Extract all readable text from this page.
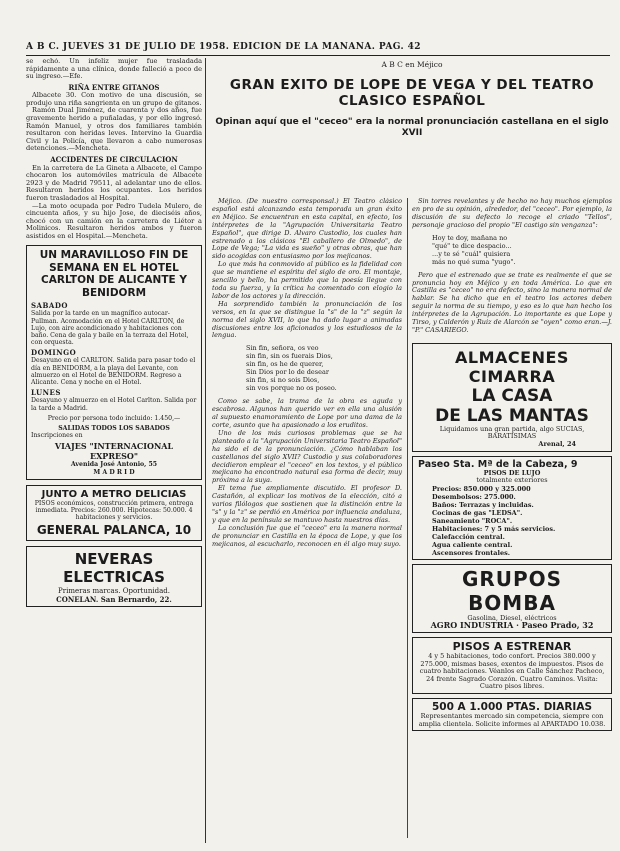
A B C. JUEVES 31 DE JULIO DE 1958. EDICION DE LA MAÑANA. PAG. 42

se echó. Un infeliz mujer fue trasladada rápidamente a una clínica, donde falleció a poco de su ingreso.—Efe.

RIÑA ENTRE GITANOS

Albacete 30. Con motivo de una discusión, se produjo una riña sangrienta en un grupo de gitanos.

Ramón Dual Jiménez, de cuarenta y dos años, fue gravemente herido a puñaladas, y por ello ingresó. Ramón Manuel, y otros dos familiares también resultaron con heridas leves. Intervino la Guardia Civil y la Policía, que llevaron a cabo numerosas detenciones.—Mencheta.

ACCIDENTES DE CIRCULACION

En la carretera de La Gineta a Albacete, el Campo chocaron los automóviles matrícula de Albacete 2923 y de Madrid 79511, al adelantar uno de ellos. Resultaron heridos los ocupantes. Los heridos fueron trasladados al Hospital.

—La moto ocupada por Pedro Tudela Mulero, de cincuenta años, y su hijo Jose, de dieciséis años, chocó con un camión en la carretera de Liétor a Molinicos. Resultaron heridos ambos y fueron asistidos en el Hospital.—Mencheta.

UN MARAVILLOSO FIN DE SEMANA EN EL HOTEL CARLTON DE ALICANTE Y BENIDORM
SABADO
Salida por la tarde en un magnífico autocar-Pullman. Acomodación en el Hotel CARLTON, de Lujo, con aire acondicionado y habitaciones con baño. Cena de gala y baile en la terraza del Hotel, con orquesta.
DOMINGO
Desayuno en el CARLTON. Salida para pasar todo el día en BENIDORM, a la playa del Levante, con almuerzo en el Hotel de BENIDORM. Regreso a Alicante. Cena y noche en el Hotel.
LUNES
Desayuno y almuerzo en el Hotel Carlton. Salida por la tarde a Madrid.
Precio por persona todo incluido: 1.450,—
SALIDAS TODOS LOS SABADOS
Inscripciones en
VIAJES "INTERNACIONAL EXPRESO"
Avenida José Antonio, 55
M A D R I D
JUNTO A METRO DELICIAS
PISOS económicos, construcción primera, entrega inmediata. Precios: 260.000. Hipotecas: 50.000. 4 habitaciones y servicios.
GENERAL PALANCA, 10
NEVERAS ELECTRICAS
Primeras marcas. Oportunidad.
CONELAN. San Bernardo, 22.
A B C en Méjico
GRAN EXITO DE LOPE DE VEGA Y DEL TEATRO CLASICO ESPAÑOL
Opinan aquí que el "ceceo" era la normal pronunciación castellana en el siglo XVII

Méjico. (De nuestro corresponsal.) El Teatro clásico español está alcanzando esta temporada un gran éxito en Méjico. Se encuentran en esta capital, en efecto, los intérpretes de la "Agrupación Universitaria Teatro Español", que dirige D. Alvaro Custodio, los cuales han estrenado a los clásicos "El caballero de Olmedo", de Lope de Vega; "La vida es sueño" y otras obras, que han sido acogidas con entusiasmo por los mejicanos.

Lo que más ha conmovido al público es la fidelidad con que se mantiene el espíritu del siglo de oro. El montaje, sencillo y bello, ha permitido que la poesía llegue con toda su fuerza, y la crítica ha comentado con elogio la labor de los actores y la dirección.

Ha sorprendido también la pronunciación de los versos, en la que se distingue la "s" de la "z" según la norma del siglo XVII, lo que ha dado lugar a animadas discusiones entre los aficionados y los estudiosos de la lengua.

Sin fin, señora, os veo
sin fin, sin os fuerais Dios,
sin fin, os he de querer,
Sin Dios por lo de desear
sin fin, si no sois Dios,
sin vos porque no os poseo.

Como se sabe, la trama de la obra es aguda y escabrosa. Algunos han querido ver en ella una alusión al supuesto enamoramiento de Lope por una dama de la corte, asunto que ha apasionado a los eruditos.

Uno de los más curiosos problemas que se ha planteado a la "Agrupación Universitaria Teatro Español" ha sido el de la pronunciación. ¿Cómo hablaban los castellanos del siglo XVII? Custodio y sus colaboradores decidieron emplear el "ceceo" en los textos, y el público mejicano ha encontrado natural esa forma de decir, muy próxima a la suya.

El tema fue ampliamente discutido. El profesor D. Castañón, al explicar los motivos de la elección, citó a varios filólogos que sostienen que la distinción entre la "s" y la "z" se perdió en América por influencia andaluza, y que en la península se mantuvo hasta nuestros días.

La conclusión fue que el "ceceo" era la manera normal de pronunciar en Castilla en la época de Lope, y que los mejicanos, al escucharlo, reconocen en él algo muy suyo.

Sin torres revelantes y de hecho no hay muchos ejemplos en pro de su opinión, alrededor, del "ceceo". Por ejemplo, la discusión de su defecto lo recoge el criado "Tellos", personaje gracioso del propio "El castigo sin venganza":

Hoy te doy, mañana no
"qué" te dice despacio...
...y te sé "cuál" quisiera
más no qué suma "yugo".

Pero que el estrenado que se trate es realmente el que se pronuncia hoy en Méjico y en toda América. Lo que en Castilla es "ceceo" no era defecto, sino la manera normal de hablar. Se ha dicho que en el teatro los actores deben seguir la norma de su tiempo, y eso es lo que han hecho los intérpretes de la Agrupación. Lo importante es que Lope y Tirso, y Calderón y Ruiz de Alarcón se "oyen" como eran.—J. "P." CASARIEGO.

ALMACENES CIMARRA
LA CASA
DE LAS MANTAS
Liquidamos una gran partida, algo SUCIAS, BARATISIMAS
Arenal, 24
Paseo Sta. Mª de la Cabeza, 9
PISOS DE LUJO
totalmente exteriores
Precios: 850.000 y 325.000
Desembolsos: 275.000.
Baños: Terrazas y incluidas.
Cocinas de gas "LEDSA".
Saneamiento "ROCA".
Habitaciones: 7 y 5 más servicios.
Calefacción central.
Agua caliente central.
Ascensores frontales.
GRUPOS BOMBA
Gasolina, Diesel, eléctricos
AGRO INDUSTRIA · Paseo Prado, 32
PISOS A ESTRENAR
4 y 5 habitaciones, todo confort. Precios 380.000 y 275.000, mismas bases, exentos de impuestos. Pisos de cuatro habitaciones. Véanlos en Calle Sánchez Pacheco, 24 frente Sagrado Corazón. Cuatro Caminos. Visita: Cuatro pisos libres.
500 A 1.000 PTAS. DIARIAS
Representantes mercado sin competencia, siempre con amplia clientela. Solicite informes al APARTADO 10.038.
